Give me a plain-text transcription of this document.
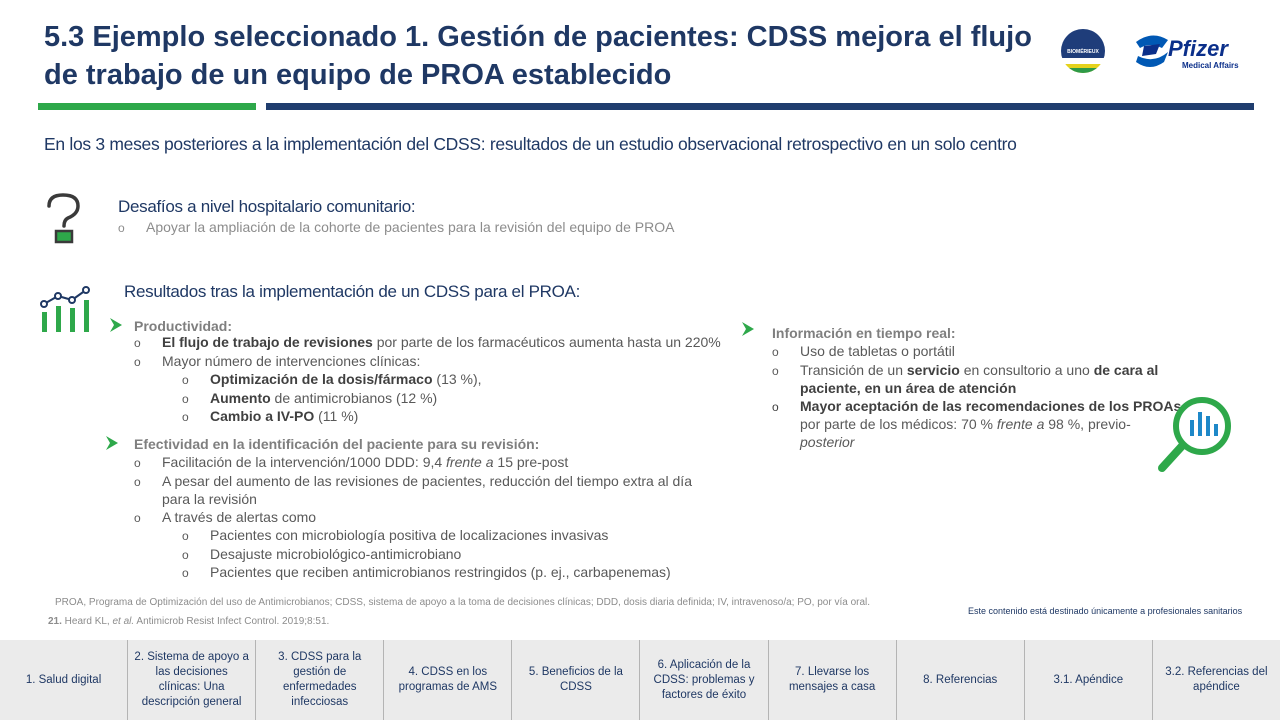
5.3 Ejemplo seleccionado 1. Gestión de pacientes: CDSS mejora el flujo de trabajo de un equipo de PROA establecido
BIOMÉRIEUX	Pfizer
Medical Affairs
En los 3 meses posteriores a la implementación del CDSS: resultados de un estudio observacional retrospectivo en un solo centro
Desafíos a nivel hospitalario comunitario:
o Apoyar la ampliación de la cohorte de pacientes para la revisión del equipo de PROA
Resultados tras la implementación de un CDSS para el PROA:
Productividad:
o El flujo de trabajo de revisiones por parte de los farmacéuticos aumenta hasta un 220%
o Mayor número de intervenciones clínicas:
o Optimización de la dosis/fármaco (13 %),
o Aumento de antimicrobianos (12 %)
o Cambio a IV-PO (11 %)
Efectividad en la identificación del paciente para su revisión:
o Facilitación de la intervención/1000 DDD: 9,4 frente a 15 pre-post
o A pesar del aumento de las revisiones de pacientes, reducción del tiempo extra al día
para la revisión
o A través de alertas como
o Pacientes con microbiología positiva de localizaciones invasivas
o Desajuste microbiológico-antimicrobiano
o Pacientes que reciben antimicrobianos restringidos (p. ej., carbapenemas)
Información en tiempo real:
o Uso de tabletas o portátil
o Transición de un servicio en consultorio a uno de cara al
paciente, en un área de atención
o Mayor aceptación de las recomendaciones de los PROAs
por parte de los médicos: 70 % frente a 98 %, previo-
posterior
PROA, Programa de Optimización del uso de Antimicrobianos; CDSS, sistema de apoyo a la toma de decisiones clínicas; DDD, dosis diaria definida; IV, intravenoso/a; PO, por vía oral.
21. Heard KL, et al. Antimicrob Resist Infect Control. 2019;8:51.
Este contenido está destinado únicamente a profesionales sanitarios
1. Salud digital
2. Sistema de apoyo a las decisiones clínicas: Una descripción general
3. CDSS para la gestión de enfermedades infecciosas
4. CDSS en los programas de AMS
5. Beneficios de la CDSS
6. Aplicación de la CDSS: problemas y factores de éxito
7. Llevarse los mensajes a casa
8. Referencias	3.1. Apéndice
3.2. Referencias del apéndice
